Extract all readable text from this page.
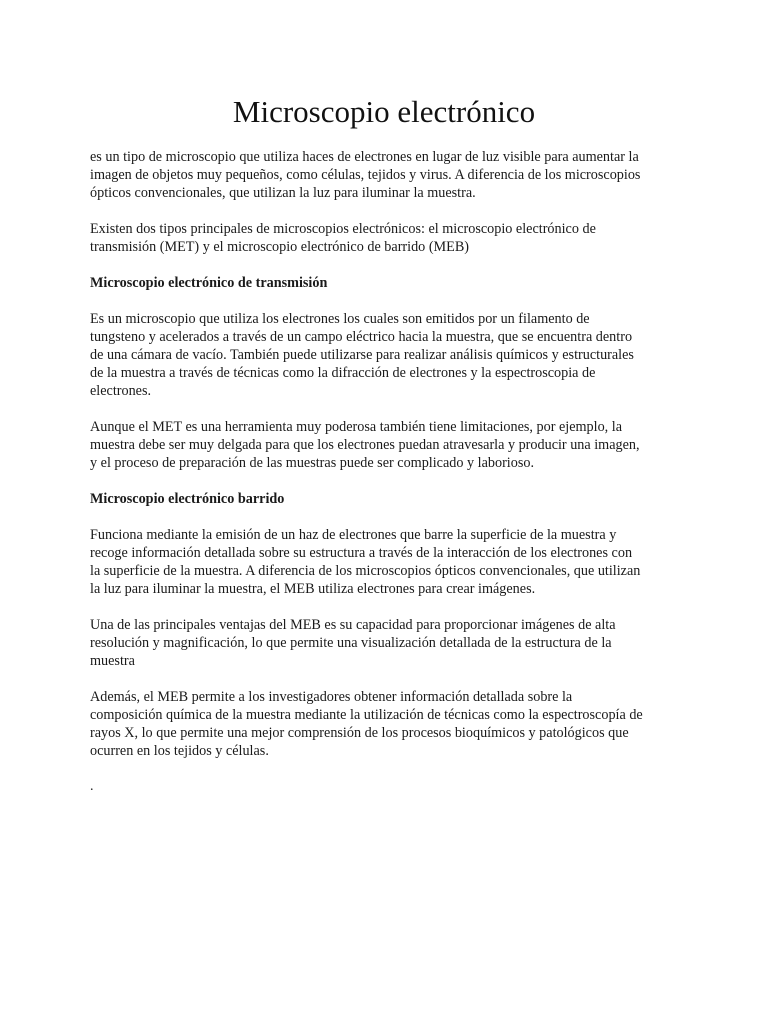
Microscopio electrónico

es un tipo de microscopio que utiliza haces de electrones en lugar de luz visible para aumentar la
imagen de objetos muy pequeños, como células, tejidos y virus. A diferencia de los microscopios
ópticos convencionales, que utilizan la luz para iluminar la muestra.

Existen dos tipos principales de microscopios electrónicos: el microscopio electrónico de
transmisión (MET) y el microscopio electrónico de barrido (MEB)

Microscopio electrónico de transmisión

Es un microscopio que utiliza los electrones los cuales son emitidos por un filamento de
tungsteno y acelerados a través de un campo eléctrico hacia la muestra, que se encuentra dentro
de una cámara de vacío. También puede utilizarse para realizar análisis químicos y estructurales
de la muestra a través de técnicas como la difracción de electrones y la espectroscopia de
electrones.

Aunque el MET es una herramienta muy poderosa también tiene limitaciones, por ejemplo, la
muestra debe ser muy delgada para que los electrones puedan atravesarla y producir una imagen,
y el proceso de preparación de las muestras puede ser complicado y laborioso.

Microscopio electrónico barrido

Funciona mediante la emisión de un haz de electrones que barre la superficie de la muestra y
recoge información detallada sobre su estructura a través de la interacción de los electrones con
la superficie de la muestra. A diferencia de los microscopios ópticos convencionales, que utilizan
la luz para iluminar la muestra, el MEB utiliza electrones para crear imágenes.

Una de las principales ventajas del MEB es su capacidad para proporcionar imágenes de alta
resolución y magnificación, lo que permite una visualización detallada de la estructura de la
muestra

Además, el MEB permite a los investigadores obtener información detallada sobre la
composición química de la muestra mediante la utilización de técnicas como la espectroscopía de
rayos X, lo que permite una mejor comprensión de los procesos bioquímicos y patológicos que
ocurren en los tejidos y células.

.
